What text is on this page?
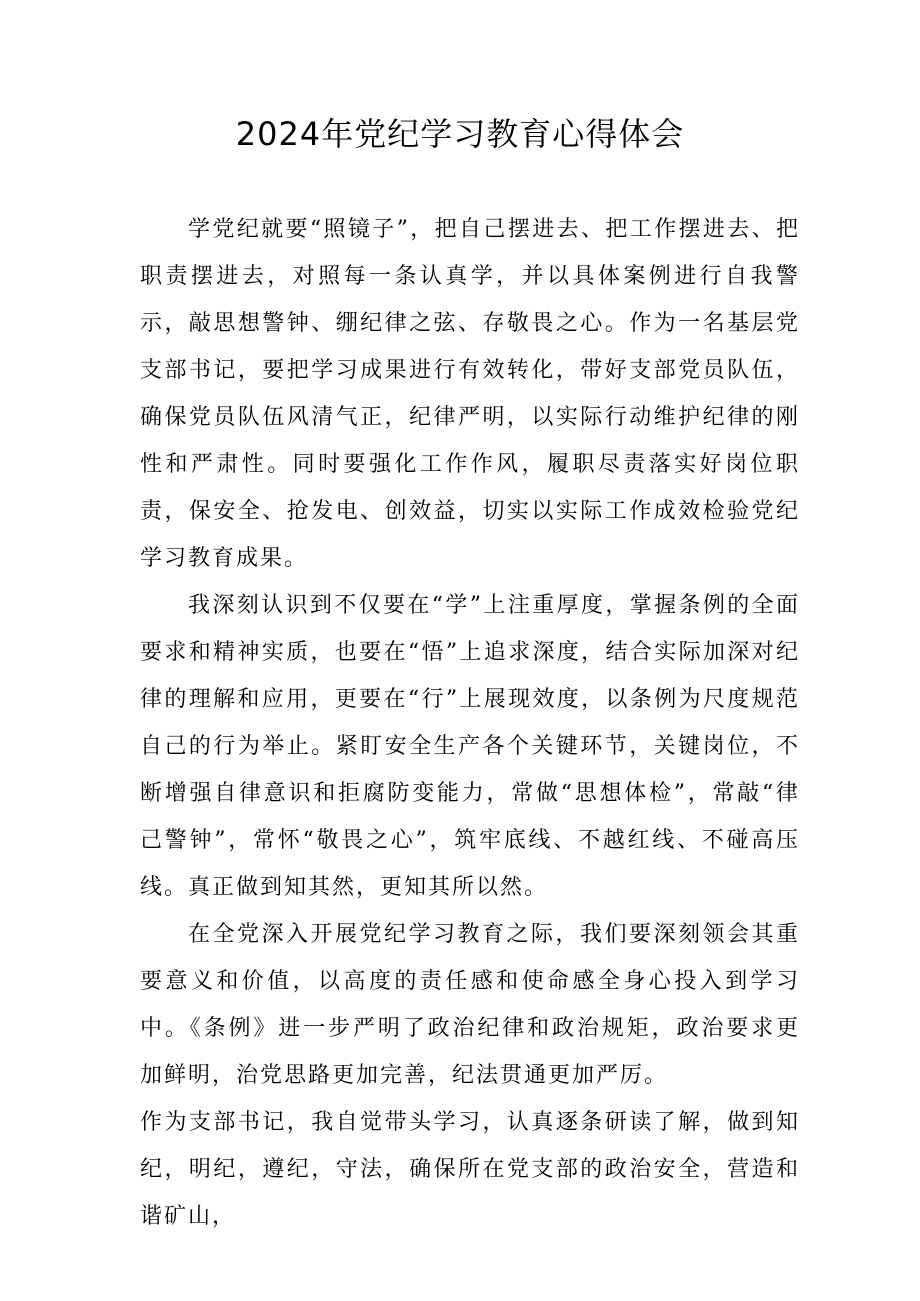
2024年党纪学习教育心得体会

学党纪就要“照镜子”，把自己摆进去、把工作摆进去、把职责摆进去，对照每一条认真学，并以具体案例进行自我警示，敲思想警钟、绷纪律之弦、存敬畏之心。作为一名基层党支部书记，要把学习成果进行有效转化，带好支部党员队伍，确保党员队伍风清气正，纪律严明，以实际行动维护纪律的刚性和严肃性。同时要强化工作作风，履职尽责落实好岗位职责，保安全、抢发电、创效益，切实以实际工作成效检验党纪学习教育成果。

我深刻认识到不仅要在“学”上注重厚度，掌握条例的全面要求和精神实质，也要在“悟”上追求深度，结合实际加深对纪律的理解和应用，更要在“行”上展现效度，以条例为尺度规范自己的行为举止。紧盯安全生产各个关键环节，关键岗位，不断增强自律意识和拒腐防变能力，常做“思想体检”，常敲“律己警钟”，常怀“敬畏之心”，筑牢底线、不越红线、不碰高压线。真正做到知其然，更知其所以然。

在全党深入开展党纪学习教育之际，我们要深刻领会其重要意义和价值，以高度的责任感和使命感全身心投入到学习中。《条例》进一步严明了政治纪律和政治规矩，政治要求更加鲜明，治党思路更加完善，纪法贯通更加严厉。

作为支部书记，我自觉带头学习，认真逐条研读了解，做到知纪，明纪，遵纪，守法，确保所在党支部的政治安全，营造和谐矿山，
